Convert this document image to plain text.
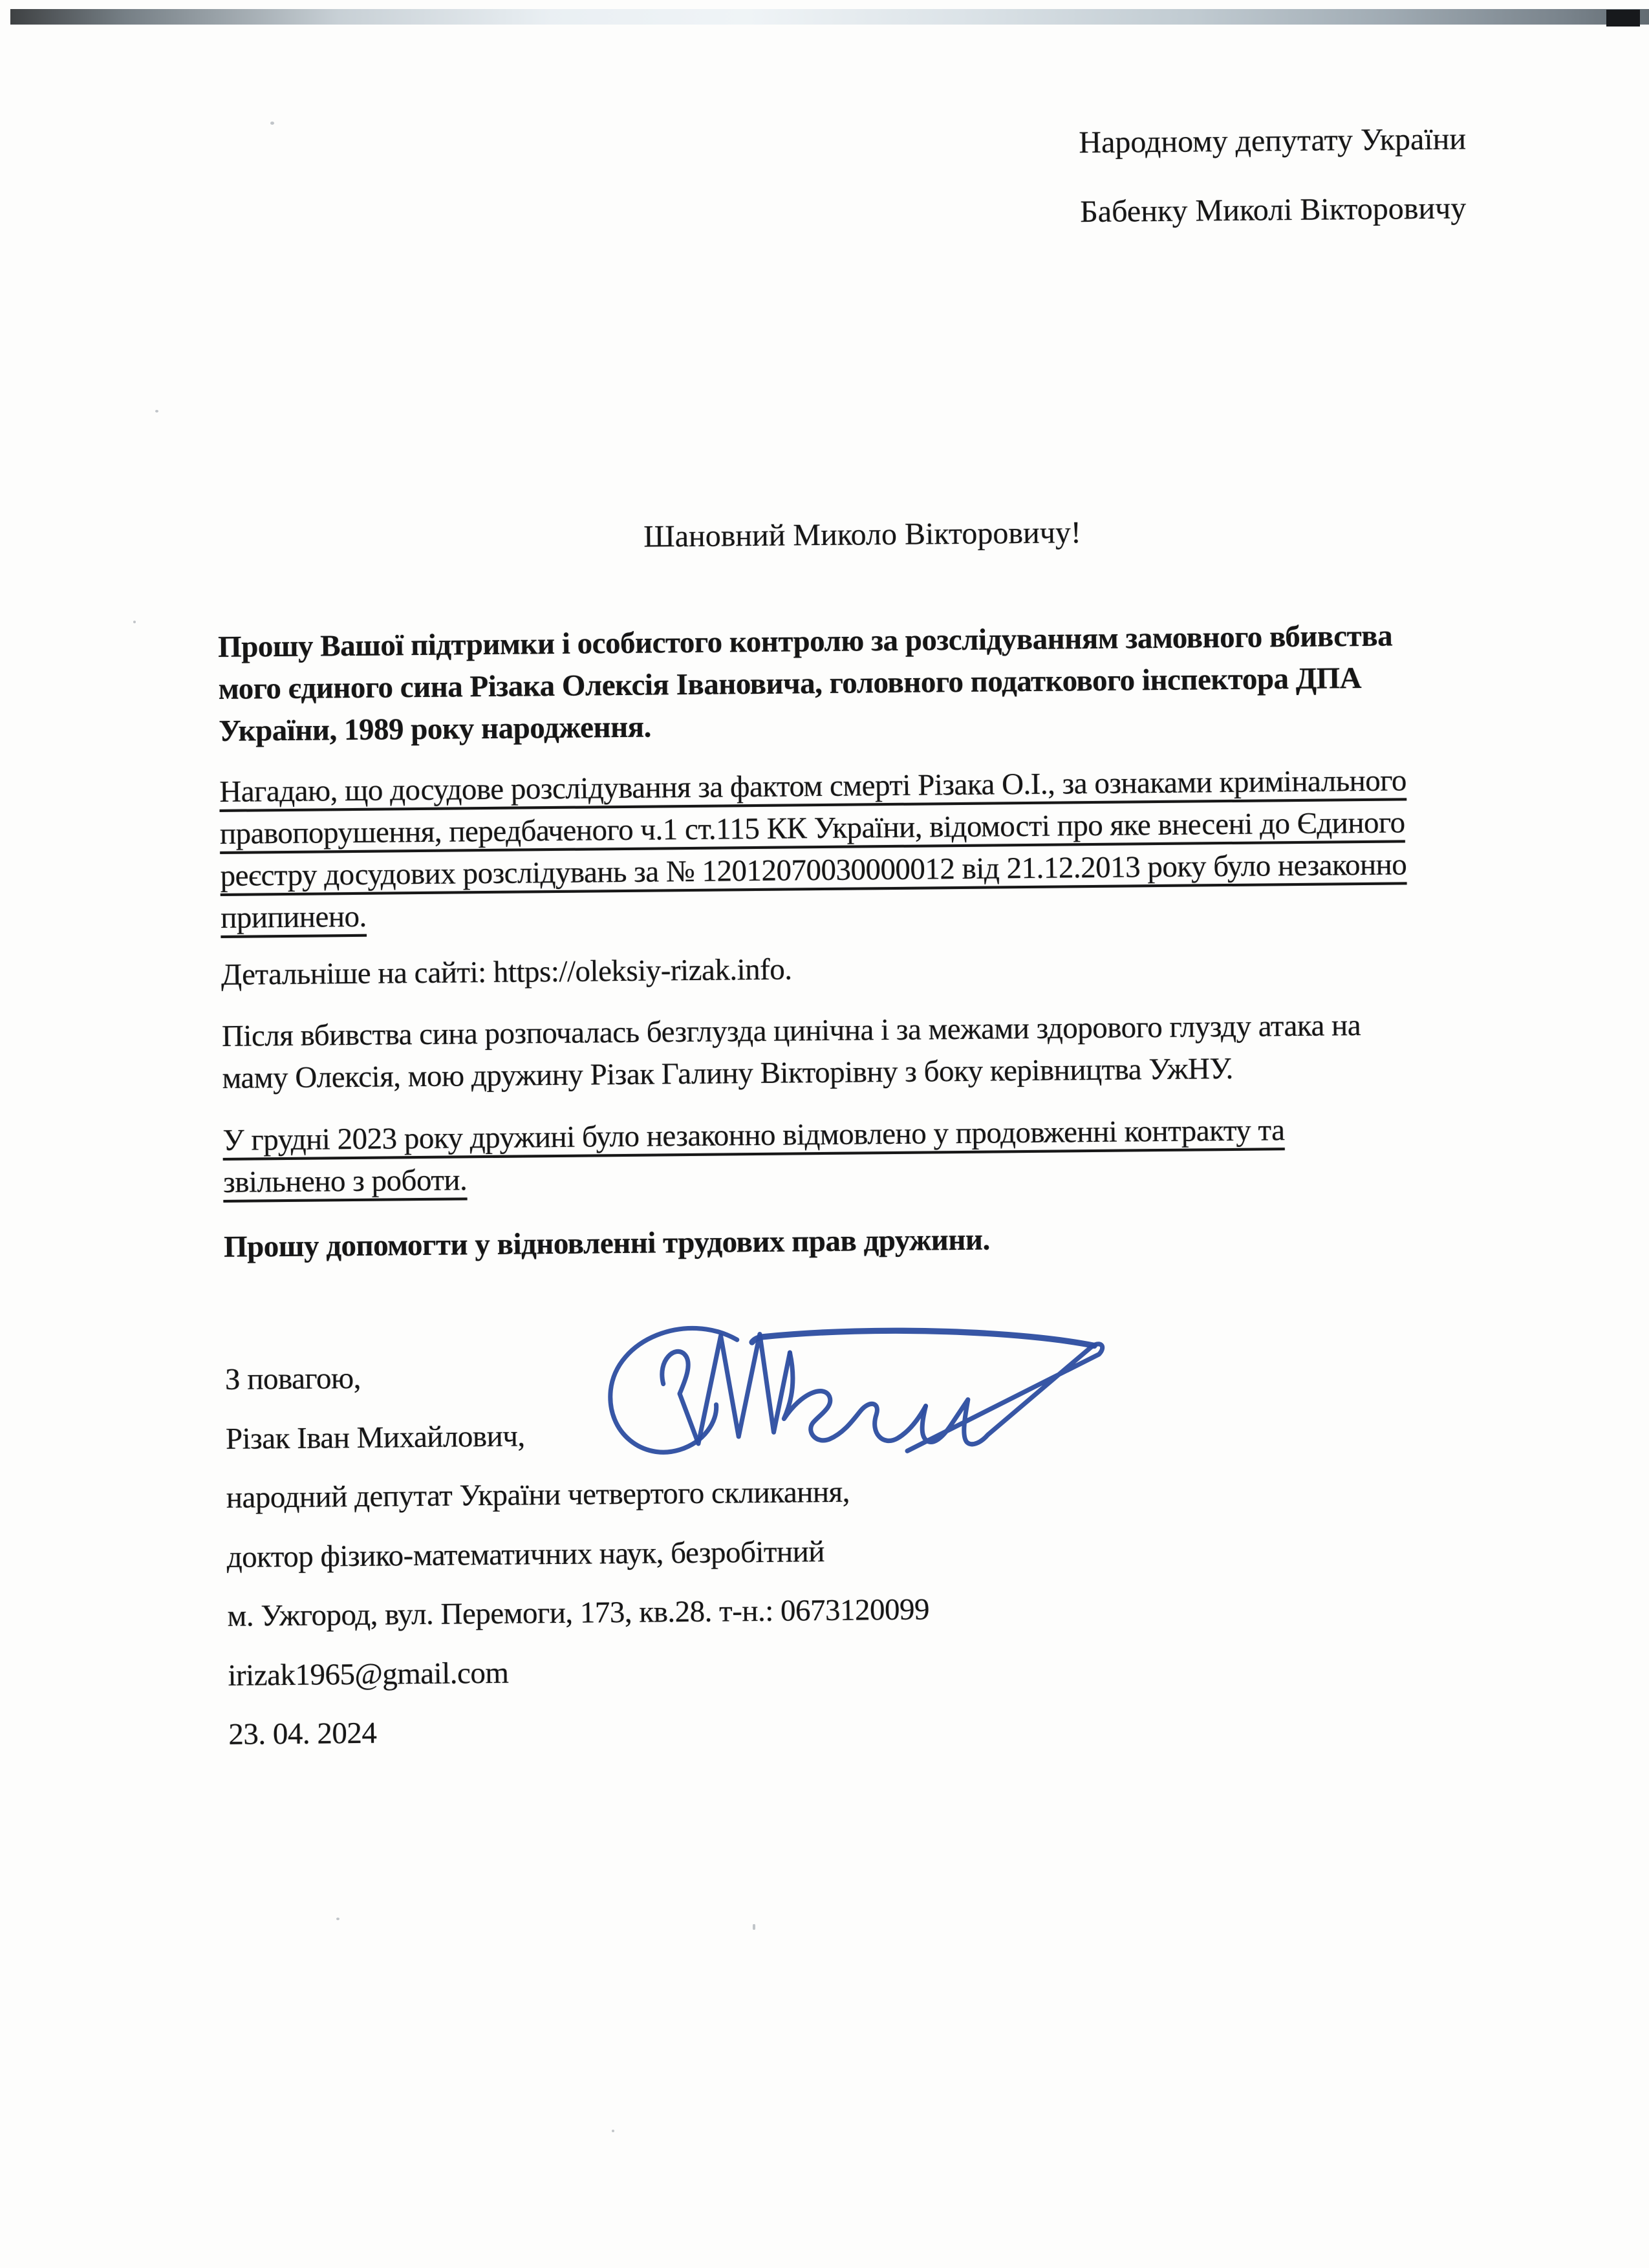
Народному депутату України
Бабенку Миколі Вікторовичу
Шановний Миколо Вікторовичу!
Прошу Вашої підтримки і особистого контролю за розслідуванням замовного вбивства
мого єдиного сина Різака Олексія Івановича, головного податкового інспектора ДПА
України, 1989 року народження.
Нагадаю, що досудове розслідування за фактом смерті Різака О.І., за ознаками кримінального
правопорушення, передбаченого ч.1 ст.115 КК України, відомості про яке внесені до Єдиного
реєстру досудових розслідувань за № 12012070030000012 від 21.12.2013 року було незаконно
припинено.
Детальніше на сайті: https://oleksiy-rizak.info.
Після вбивства сина розпочалась безглузда цинічна і за межами здорового глузду атака на
маму Олексія, мою дружину Різак Галину Вікторівну з боку керівництва УжНУ.
У грудні 2023 року дружині було незаконно відмовлено у продовженні контракту та
звільнено з роботи.
Прошу допомогти у відновленні трудових прав дружини.
З повагою,
Різак Іван Михайлович,
народний депутат України четвертого скликання,
доктор фізико-математичних наук, безробітний
м. Ужгород, вул. Перемоги, 173, кв.28. т-н.: 0673120099
irizak1965@gmail.com
23. 04. 2024
